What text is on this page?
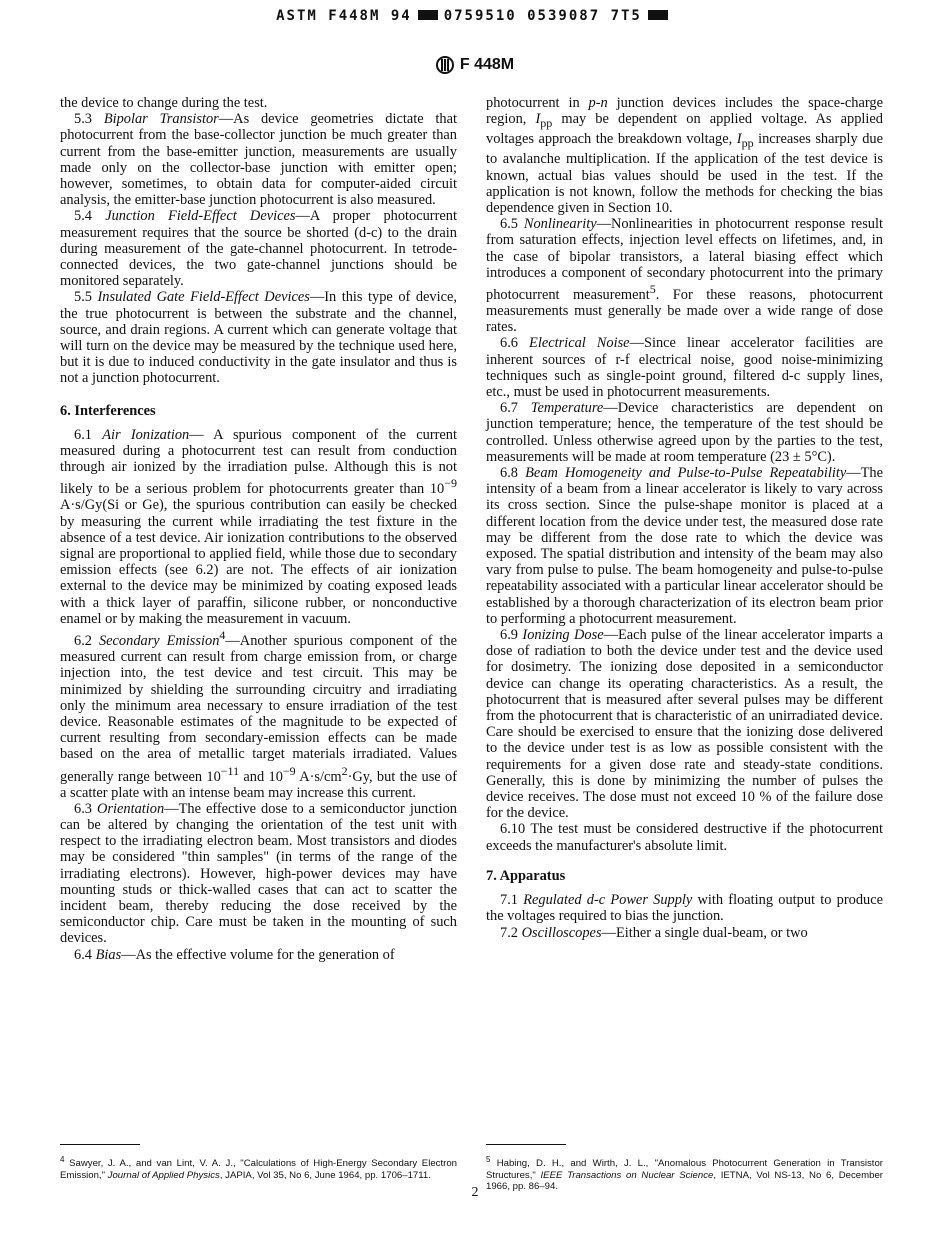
ASTM F448M 94 0759510 0539087 7T5
F 448M

the device to change during the test.

5.3 Bipolar Transistor—As device geometries dictate that photocurrent from the base-collector junction be much greater than current from the base-emitter junction, measurements are usually made only on the collector-base junction with emitter open; however, sometimes, to obtain data for computer-aided circuit analysis, the emitter-base junction photocurrent is also measured.

5.4 Junction Field-Effect Devices—A proper photocurrent measurement requires that the source be shorted (d-c) to the drain during measurement of the gate-channel photocurrent. In tetrode-connected devices, the two gate-channel junctions should be monitored separately.

5.5 Insulated Gate Field-Effect Devices—In this type of device, the true photocurrent is between the substrate and the channel, source, and drain regions. A current which can generate voltage that will turn on the device may be measured by the technique used here, but it is due to induced conductivity in the gate insulator and thus is not a junction photocurrent.

6. Interferences

6.1 Air Ionization— A spurious component of the current measured during a photocurrent test can result from conduction through air ionized by the irradiation pulse. Although this is not likely to be a serious problem for photocurrents greater than $10^{-9}$ A·s/Gy(Si or Ge), the spurious contribution can easily be checked by measuring the current while irradiating the test fixture in the absence of a test device. Air ionization contributions to the observed signal are proportional to applied field, while those due to secondary emission effects (see 6.2) are not. The effects of air ionization external to the device may be minimized by coating exposed leads with a thick layer of paraffin, silicone rubber, or nonconductive enamel or by making the measurement in vacuum.

6.2 Secondary Emission$^4$—Another spurious component of the measured current can result from charge emission from, or charge injection into, the test device and test circuit. This may be minimized by shielding the surrounding circuitry and irradiating only the minimum area necessary to ensure irradiation of the test device. Reasonable estimates of the magnitude to be expected of current resulting from secondary-emission effects can be made based on the area of metallic target materials irradiated. Values generally range between $10^{-11}$ and $10^{-9}$ $A\cdot s/cm^2\cdot Gy$, but the use of a scatter plate with an intense beam may increase this current.

6.3 Orientation—The effective dose to a semiconductor junction can be altered by changing the orientation of the test unit with respect to the irradiating electron beam. Most transistors and diodes may be considered "thin samples" (in terms of the range of the irradiating electrons). However, high-power devices may have mounting studs or thick-walled cases that can act to scatter the incident beam, thereby reducing the dose received by the semiconductor chip. Care must be taken in the mounting of such devices.

6.4 Bias—As the effective volume for the generation of

photocurrent in p-n junction devices includes the space-charge region, $I_{pp}$ may be dependent on applied voltage. As applied voltages approach the breakdown voltage, $I_{pp}$ increases sharply due to avalanche multiplication. If the application of the test device is known, actual bias values should be used in the test. If the application is not known, follow the methods for checking the bias dependence given in Section 10.

6.5 Nonlinearity—Nonlinearities in photocurrent response result from saturation effects, injection level effects on lifetimes, and, in the case of bipolar transistors, a lateral biasing effect which introduces a component of secondary photocurrent into the primary photocurrent measurement$^5$. For these reasons, photocurrent measurements must generally be made over a wide range of dose rates.

6.6 Electrical Noise—Since linear accelerator facilities are inherent sources of r-f electrical noise, good noise-minimizing techniques such as single-point ground, filtered d-c supply lines, etc., must be used in photocurrent measurements.

6.7 Temperature—Device characteristics are dependent on junction temperature; hence, the temperature of the test should be controlled. Unless otherwise agreed upon by the parties to the test, measurements will be made at room temperature (23 ± 5°C).

6.8 Beam Homogeneity and Pulse-to-Pulse Repeatability—The intensity of a beam from a linear accelerator is likely to vary across its cross section. Since the pulse-shape monitor is placed at a different location from the device under test, the measured dose rate may be different from the dose rate to which the device was exposed. The spatial distribution and intensity of the beam may also vary from pulse to pulse. The beam homogeneity and pulse-to-pulse repeatability associated with a particular linear accelerator should be established by a thorough characterization of its electron beam prior to performing a photocurrent measurement.

6.9 Ionizing Dose—Each pulse of the linear accelerator imparts a dose of radiation to both the device under test and the device used for dosimetry. The ionizing dose deposited in a semiconductor device can change its operating characteristics. As a result, the photocurrent that is measured after several pulses may be different from the photocurrent that is characteristic of an unirradiated device. Care should be exercised to ensure that the ionizing dose delivered to the device under test is as low as possible consistent with the requirements for a given dose rate and steady-state conditions. Generally, this is done by minimizing the number of pulses the device receives. The dose must not exceed 10 % of the failure dose for the device.

6.10 The test must be considered destructive if the photocurrent exceeds the manufacturer's absolute limit.

7. Apparatus

7.1 Regulated d-c Power Supply with floating output to produce the voltages required to bias the junction.

7.2 Oscilloscopes—Either a single dual-beam, or two

$^4$ Sawyer, J. A., and van Lint, V. A. J., "Calculations of High-Energy Secondary Electron Emission," Journal of Applied Physics, JAPIA, Vol 35, No 6, June 1964, pp. 1706–1711.
$^5$ Habing, D. H., and Wirth, J. L., "Anomalous Photocurrent Generation in Transistor Structures," IEEE Transactions on Nuclear Science, IETNA, Vol NS-13, No 6, December 1966, pp. 86–94.
2
